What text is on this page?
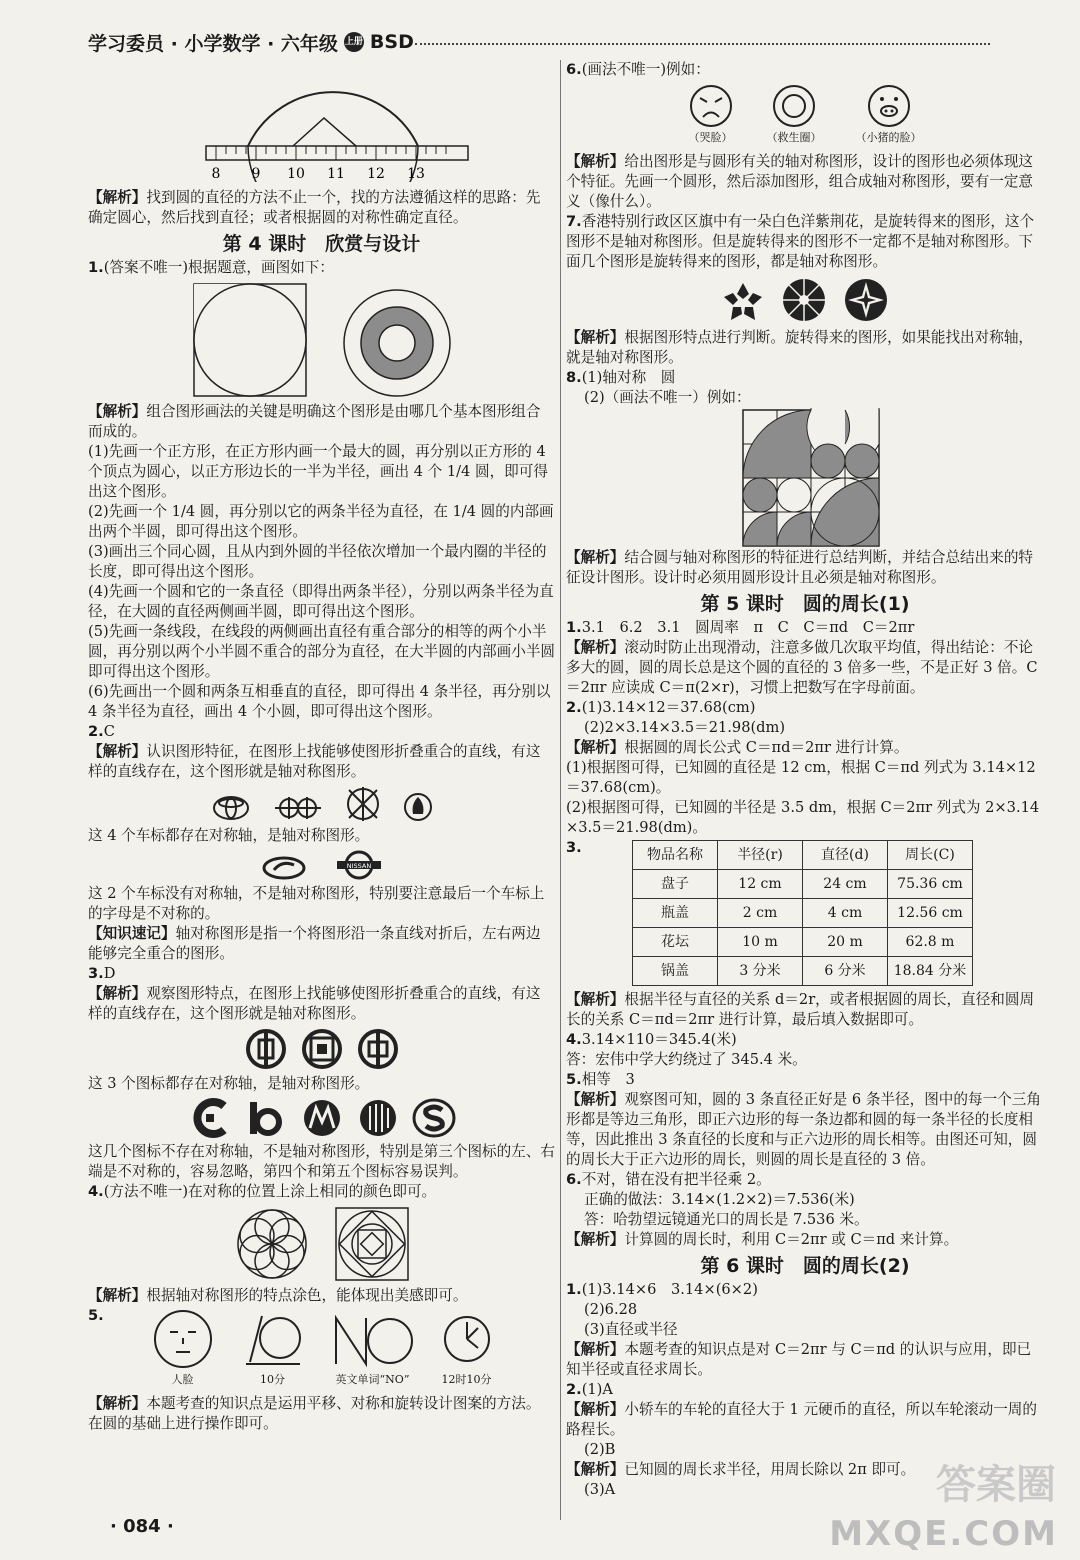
学习委员 · 小学数学 · 六年级 上册 BSD
8 9 10 11 12 13

【解析】找到圆的直径的方法不止一个，找的方法遵循这样的思路：先确定圆心，然后找到直径；或者根据圆的对称性确定直径。

第 4 课时　欣赏与设计

1.(答案不唯一)根据题意，画图如下：

【解析】组合图形画法的关键是明确这个图形是由哪几个基本图形组合而成的。

(1)先画一个正方形，在正方形内画一个最大的圆，再分别以正方形的 4 个顶点为圆心，以正方形边长的一半为半径，画出 4 个 1/4 圆，即可得出这个图形。

(2)先画一个 1/4 圆，再分别以它的两条半径为直径，在 1/4 圆的内部画出两个半圆，即可得出这个图形。

(3)画出三个同心圆，且从内到外圆的半径依次增加一个最内圈的半径的长度，即可得出这个图形。

(4)先画一个圆和它的一条直径（即得出两条半径），分别以两条半径为直径，在大圆的直径两侧画半圆，即可得出这个图形。

(5)先画一条线段，在线段的两侧画出直径有重合部分的相等的两个小半圆，再分别以两个小半圆不重合的部分为直径，在大半圆的内部画小半圆即可得出这个图形。

(6)先画出一个圆和两条互相垂直的直径，即可得出 4 条半径，再分别以 4 条半径为直径，画出 4 个小圆，即可得出这个图形。

2.C

【解析】认识图形特征，在图形上找能够使图形折叠重合的直线，有这样的直线存在，这个图形就是轴对称图形。

这 4 个车标都存在对称轴，是轴对称图形。

NISSAN

这 2 个车标没有对称轴，不是轴对称图形，特别要注意最后一个车标上的字母是不对称的。

【知识速记】轴对称图形是指一个将图形沿一条直线对折后，左右两边能够完全重合的图形。

3.D

【解析】观察图形特点，在图形上找能够使图形折叠重合的直线，有这样的直线存在，这个图形就是轴对称图形。

这 3 个图标都存在对称轴，是轴对称图形。

这几个图标不存在对称轴，不是轴对称图形，特别是第三个图标的左、右端是不对称的，容易忽略，第四个和第五个图标容易误判。

4.(方法不唯一)在对称的位置上涂上相同的颜色即可。

【解析】根据轴对称图形的特点涂色，能体现出美感即可。

5.

人脸	10分	英文单词“NO”	12时10分

【解析】本题考查的知识点是运用平移、对称和旋转设计图案的方法。在圆的基础上进行操作即可。

6.(画法不唯一)例如：

（哭脸）	（救生圈）	（小猪的脸）

【解析】给出图形是与圆形有关的轴对称图形，设计的图形也必须体现这个特征。先画一个圆形，然后添加图形，组合成轴对称图形，要有一定意义（像什么）。

7.香港特别行政区区旗中有一朵白色洋紫荆花，是旋转得来的图形，这个图形不是轴对称图形。但是旋转得来的图形不一定都不是轴对称图形。下面几个图形是旋转得来的图形，都是轴对称图形。

【解析】根据图形特点进行判断。旋转得来的图形，如果能找出对称轴，就是轴对称图形。

8.(1)轴对称　圆

(2)（画法不唯一）例如：

【解析】结合圆与轴对称图形的特征进行总结判断，并结合总结出来的特征设计图形。设计时必须用圆形设计且必须是轴对称图形。

第 5 课时　圆的周长(1)

1.3.1　6.2　3.1　圆周率　π　C　C＝πd　C＝2πr

【解析】滚动时防止出现滑动，注意多做几次取平均值，得出结论：不论多大的圆，圆的周长总是这个圆的直径的 3 倍多一些，不是正好 3 倍。C＝2πr 应读成 C＝π(2×r)，习惯上把数写在字母前面。

2.(1)3.14×12＝37.68(cm)

(2)2×3.14×3.5＝21.98(dm)

【解析】根据圆的周长公式 C＝πd＝2πr 进行计算。

(1)根据图可得，已知圆的直径是 12 cm，根据 C＝πd 列式为 3.14×12＝37.68(cm)。

(2)根据图可得，已知圆的半径是 3.5 dm，根据 C＝2πr 列式为 2×3.14×3.5＝21.98(dm)。

3.	物品名称	半径(r)	直径(d)	周长(C)
盘子	12 cm	24 cm	75.36 cm
瓶盖	2 cm	4 cm	12.56 cm
花坛	10 m	20 m	62.8 m
锅盖	3 分米	6 分米	18.84 分米

【解析】根据半径与直径的关系 d＝2r，或者根据圆的周长，直径和圆周长的关系 C＝πd＝2πr 进行计算，最后填入数据即可。

4.3.14×110＝345.4(米)

答：宏伟中学大约绕过了 345.4 米。

5.相等　3

【解析】观察图可知，圆的 3 条直径正好是 6 条半径，图中的每一个三角形都是等边三角形，即正六边形的每一条边都和圆的每一条半径的长度相等，因此推出 3 条直径的长度和与正六边形的周长相等。由图还可知，圆的周长大于正六边形的周长，则圆的周长是直径的 3 倍。

6.不对，错在没有把半径乘 2。

正确的做法：3.14×(1.2×2)＝7.536(米)

答：哈勃望远镜通光口的周长是 7.536 米。

【解析】计算圆的周长时，利用 C＝2πr 或 C＝πd 来计算。

第 6 课时　圆的周长(2)

1.(1)3.14×6　3.14×(6×2)

(2)6.28

(3)直径或半径

【解析】本题考查的知识点是对 C＝2πr 与 C＝πd 的认识与应用，即已知半径或直径求周长。

2.(1)A

【解析】小轿车的车轮的直径大于 1 元硬币的直径，所以车轮滚动一周的路程长。

(2)B

【解析】已知圆的周长求半径，用周长除以 2π 即可。

(3)A

· 084 ·
答案圈
MXQE.COM
